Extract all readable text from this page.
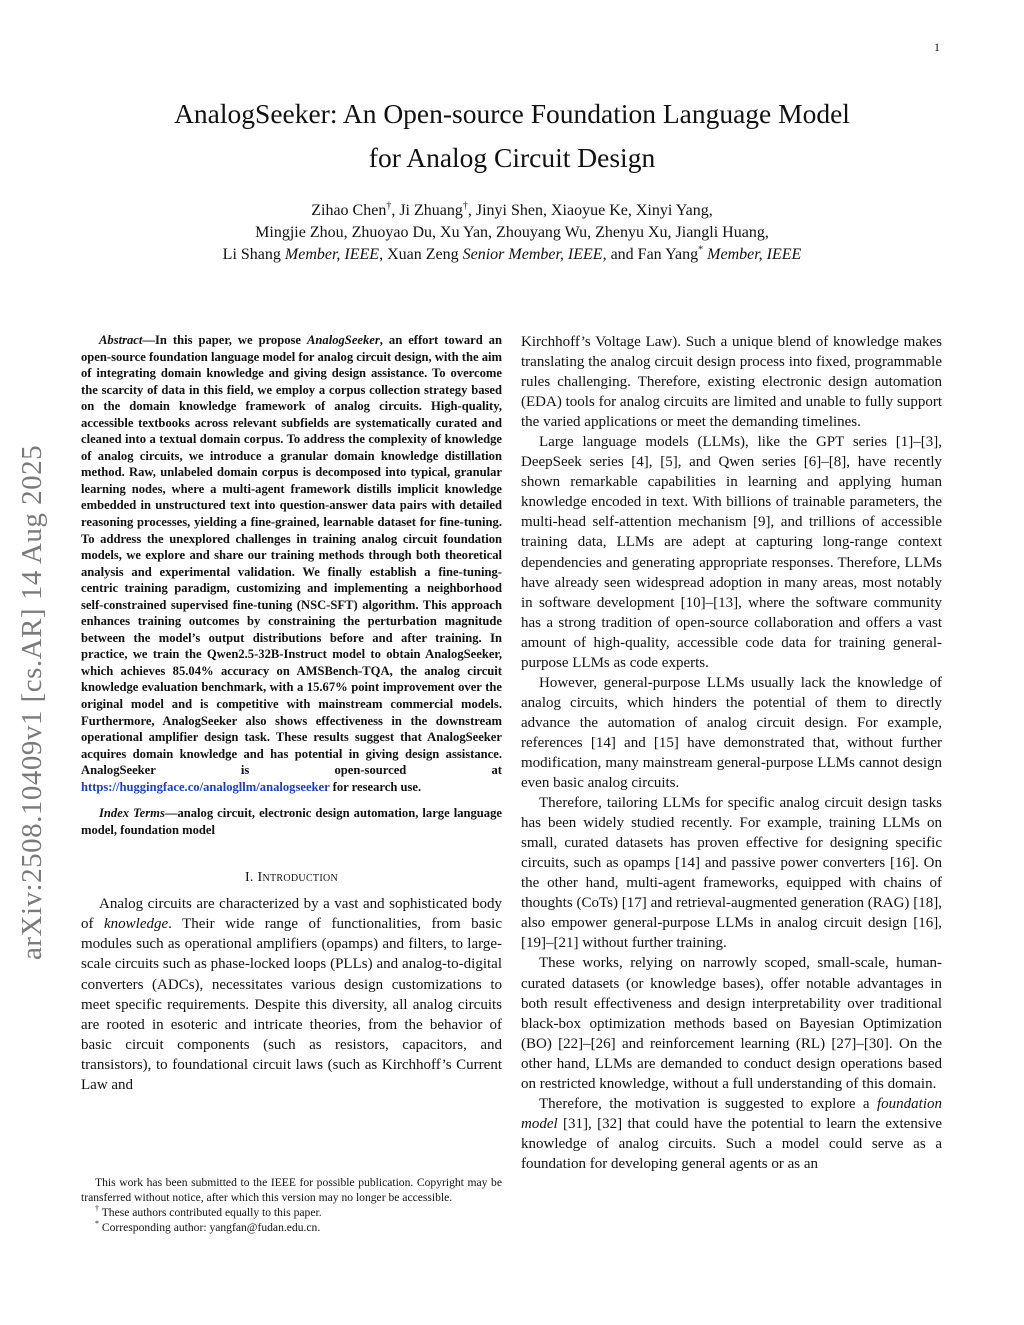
1
arXiv:2508.10409v1 [cs.AR] 14 Aug 2025
AnalogSeeker: An Open-source Foundation Language Model
for Analog Circuit Design
Zihao Chen†, Ji Zhuang†, Jinyi Shen, Xiaoyue Ke, Xinyi Yang,
Mingjie Zhou, Zhuoyao Du, Xu Yan, Zhouyang Wu, Zhenyu Xu, Jiangli Huang,
Li Shang Member, IEEE, Xuan Zeng Senior Member, IEEE, and Fan Yang* Member, IEEE

Abstract—In this paper, we propose AnalogSeeker, an effort toward an open-source foundation language model for analog circuit design, with the aim of integrating domain knowledge and giving design assistance. To overcome the scarcity of data in this field, we employ a corpus collection strategy based on the domain knowledge framework of analog circuits. High-quality, accessible textbooks across relevant subfields are systematically curated and cleaned into a textual domain corpus. To address the complexity of knowledge of analog circuits, we introduce a granular domain knowledge distillation method. Raw, unlabeled domain corpus is decomposed into typical, granular learning nodes, where a multi-agent framework distills implicit knowledge embedded in unstructured text into question-answer data pairs with detailed reasoning processes, yielding a fine-grained, learnable dataset for fine-tuning. To address the unexplored challenges in training analog circuit foundation models, we explore and share our training methods through both theoretical analysis and experimental validation. We finally establish a fine-tuning-centric training paradigm, customizing and implementing a neighborhood self-constrained supervised fine-tuning (NSC-SFT) algorithm. This approach enhances training outcomes by constraining the perturbation magnitude between the model’s output distributions before and after training. In practice, we train the Qwen2.5-32B-Instruct model to obtain AnalogSeeker, which achieves 85.04% accuracy on AMSBench-TQA, the analog circuit knowledge evaluation benchmark, with a 15.67% point improvement over the original model and is competitive with mainstream commercial models. Furthermore, AnalogSeeker also shows effectiveness in the downstream operational amplifier design task. These results suggest that AnalogSeeker acquires domain knowledge and has potential in giving design assistance. AnalogSeeker is open-sourced at https://huggingface.co/analogllm/analogseeker for research use.

Index Terms—analog circuit, electronic design automation, large language model, foundation model

I. Introduction

Analog circuits are characterized by a vast and sophisticated body of knowledge. Their wide range of functionalities, from basic modules such as operational amplifiers (opamps) and filters, to large-scale circuits such as phase-locked loops (PLLs) and analog-to-digital converters (ADCs), necessitates various design customizations to meet specific requirements. Despite this diversity, all analog circuits are rooted in esoteric and intricate theories, from the behavior of basic circuit components (such as resistors, capacitors, and transistors), to foundational circuit laws (such as Kirchhoff’s Current Law and

This work has been submitted to the IEEE for possible publication. Copyright may be transferred without notice, after which this version may no longer be accessible.

† These authors contributed equally to this paper.

* Corresponding author: yangfan@fudan.edu.cn.

Kirchhoff’s Voltage Law). Such a unique blend of knowledge makes translating the analog circuit design process into fixed, programmable rules challenging. Therefore, existing electronic design automation (EDA) tools for analog circuits are limited and unable to fully support the varied applications or meet the demanding timelines.

Large language models (LLMs), like the GPT series [1]–[3], DeepSeek series [4], [5], and Qwen series [6]–[8], have recently shown remarkable capabilities in learning and applying human knowledge encoded in text. With billions of trainable parameters, the multi-head self-attention mechanism [9], and trillions of accessible training data, LLMs are adept at capturing long-range context dependencies and generating appropriate responses. Therefore, LLMs have already seen widespread adoption in many areas, most notably in software development [10]–[13], where the software community has a strong tradition of open-source collaboration and offers a vast amount of high-quality, accessible code data for training general-purpose LLMs as code experts.

However, general-purpose LLMs usually lack the knowledge of analog circuits, which hinders the potential of them to directly advance the automation of analog circuit design. For example, references [14] and [15] have demonstrated that, without further modification, many mainstream general-purpose LLMs cannot design even basic analog circuits.

Therefore, tailoring LLMs for specific analog circuit design tasks has been widely studied recently. For example, training LLMs on small, curated datasets has proven effective for designing specific circuits, such as opamps [14] and passive power converters [16]. On the other hand, multi-agent frameworks, equipped with chains of thoughts (CoTs) [17] and retrieval-augmented generation (RAG) [18], also empower general-purpose LLMs in analog circuit design [16], [19]–[21] without further training.

These works, relying on narrowly scoped, small-scale, human-curated datasets (or knowledge bases), offer notable advantages in both result effectiveness and design interpretability over traditional black-box optimization methods based on Bayesian Optimization (BO) [22]–[26] and reinforcement learning (RL) [27]–[30]. On the other hand, LLMs are demanded to conduct design operations based on restricted knowledge, without a full understanding of this domain.

Therefore, the motivation is suggested to explore a foundation model [31], [32] that could have the potential to learn the extensive knowledge of analog circuits. Such a model could serve as a foundation for developing general agents or as an
